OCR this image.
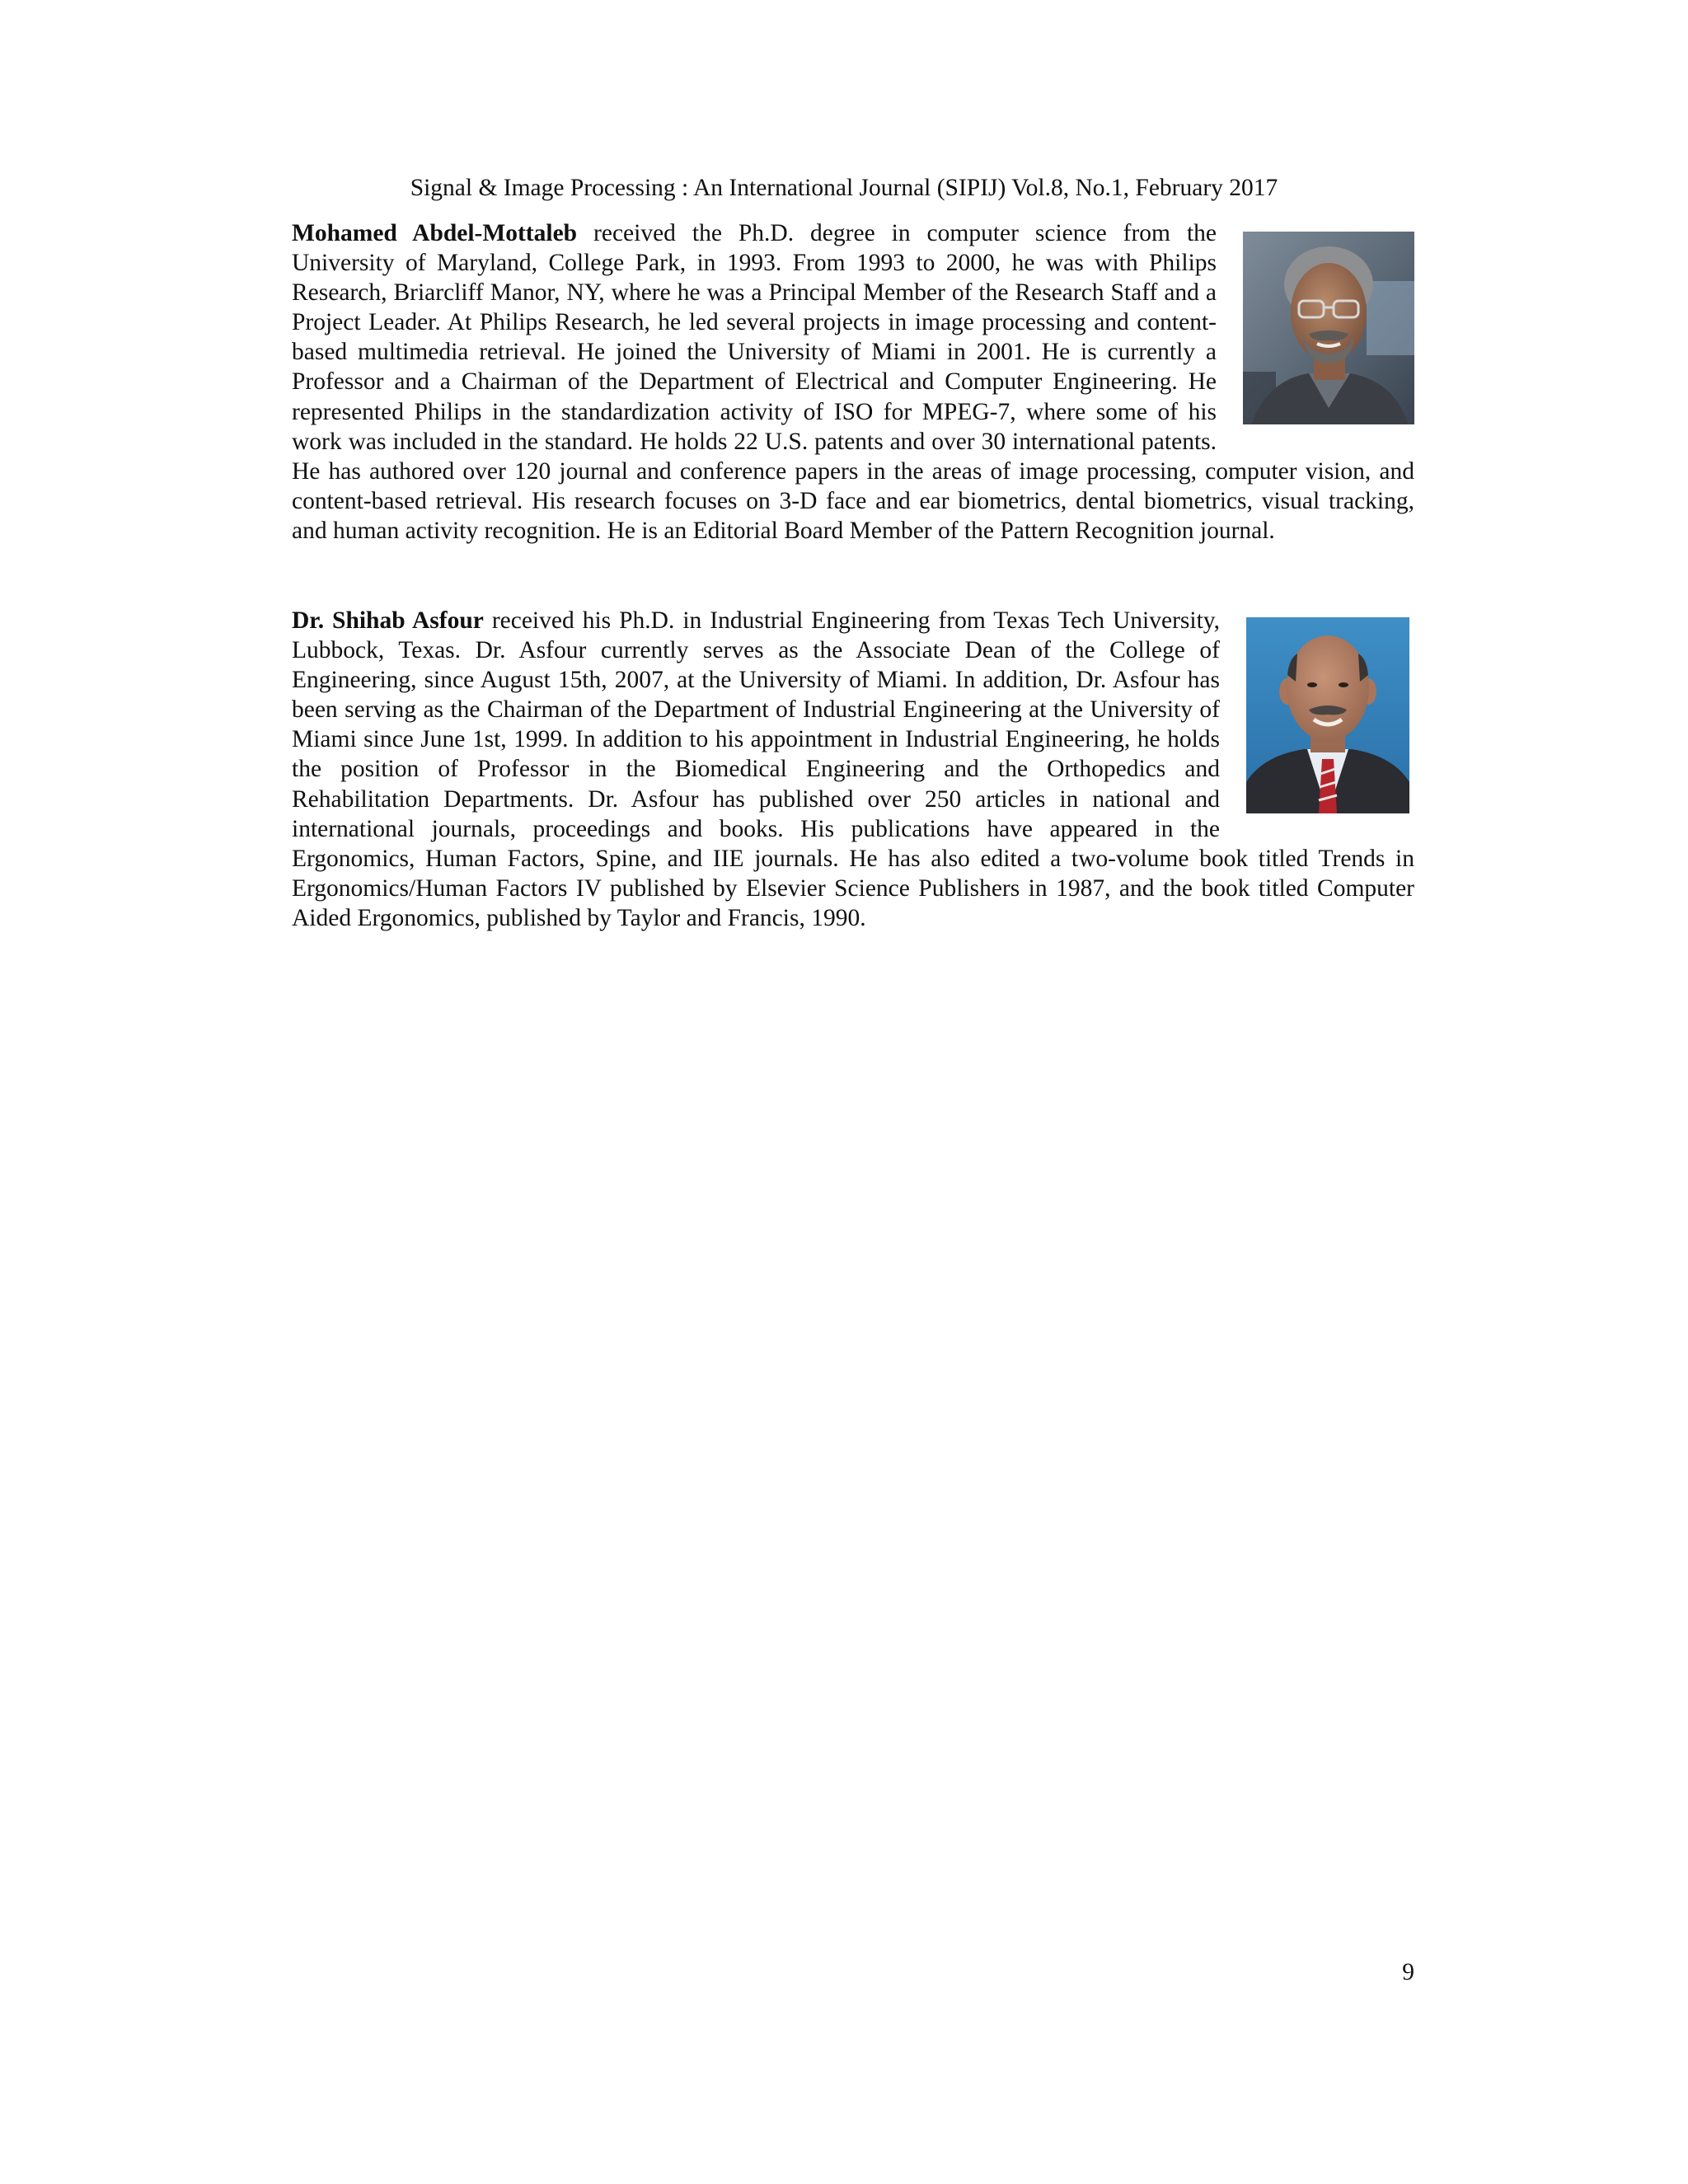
Signal & Image Processing : An International Journal (SIPIJ) Vol.8, No.1, February 2017
Mohamed Abdel-Mottaleb received the Ph.D. degree in computer science from the University of Maryland, College Park, in 1993. From 1993 to 2000, he was with Philips Research, Briarcliff Manor, NY, where he was a Principal Member of the Research Staff and a Project Leader. At Philips Research, he led several projects in image processing and content-based multimedia retrieval. He joined the University of Miami in 2001. He is currently a Professor and a Chairman of the Department of Electrical and Computer Engineering. He represented Philips in the standardization activity of ISO for MPEG-7, where some of his work was included in the standard. He holds 22 U.S. patents and over 30 international patents. He has authored over 120 journal and conference papers in the areas of image processing, computer vision, and content-based retrieval. His research focuses on 3-D face and ear biometrics, dental biometrics, visual tracking, and human activity recognition. He is an Editorial Board Member of the Pattern Recognition journal.
Dr. Shihab Asfour received his Ph.D. in Industrial Engineering from Texas Tech University, Lubbock, Texas. Dr. Asfour currently serves as the Associate Dean of the College of Engineering, since August 15th, 2007, at the University of Miami. In addition, Dr. Asfour has been serving as the Chairman of the Department of Industrial Engineering at the University of Miami since June 1st, 1999. In addition to his appointment in Industrial Engineering, he holds the position of Professor in the Biomedical Engineering and the Orthopedics and Rehabilitation Departments. Dr. Asfour has published over 250 articles in national and international journals, proceedings and books. His publications have appeared in the Ergonomics, Human Factors, Spine, and IIE journals. He has also edited a two-volume book titled Trends in Ergonomics/Human Factors IV published by Elsevier Science Publishers in 1987, and the book titled Computer Aided Ergonomics, published by Taylor and Francis, 1990.
9
